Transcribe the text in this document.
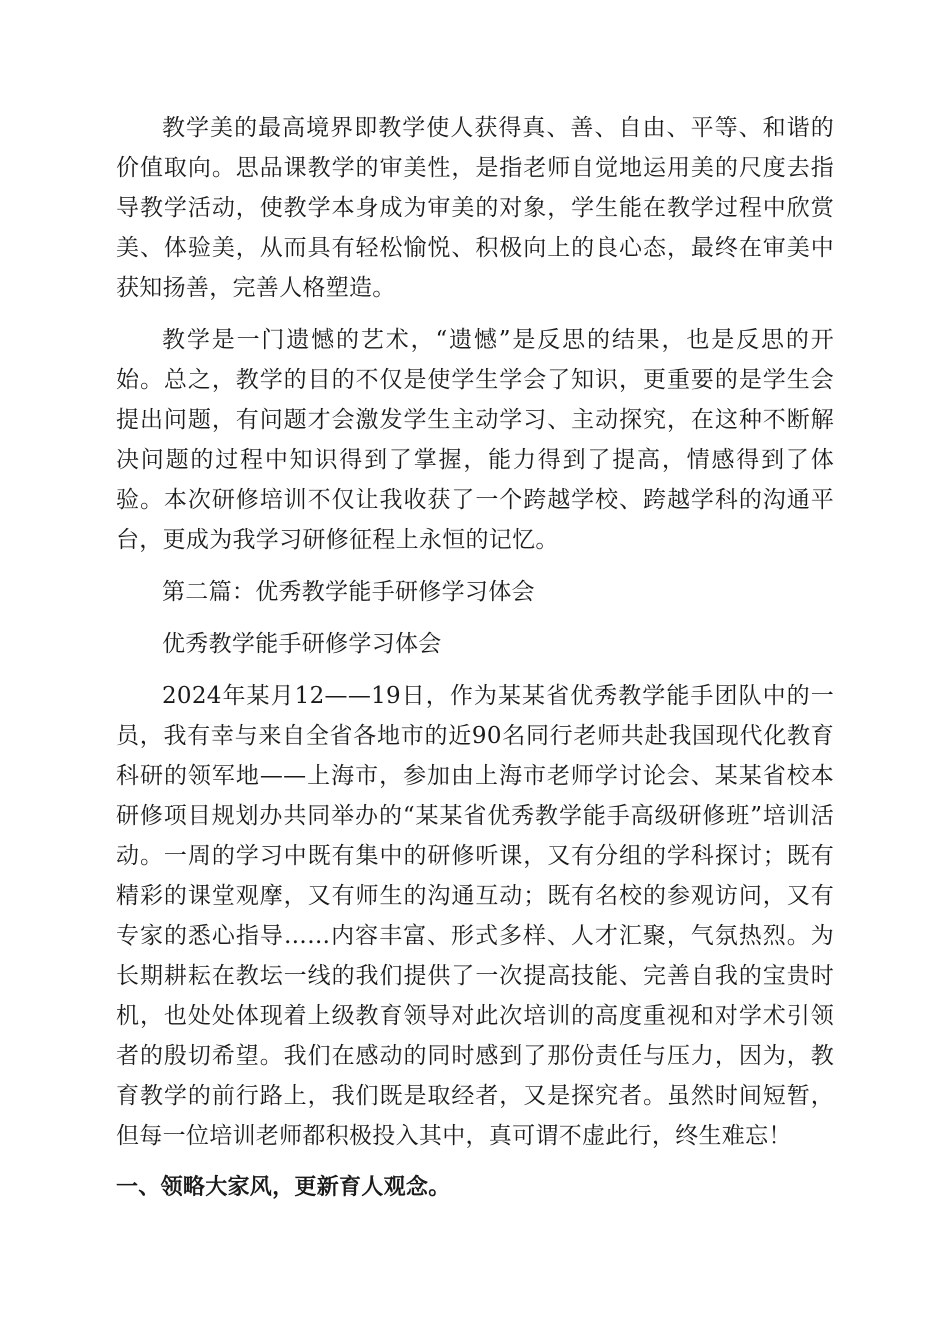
教学美的最高境界即教学使人获得真、善、自由、平等、和谐的价值取向。思品课教学的审美性，是指老师自觉地运用美的尺度去指导教学活动，使教学本身成为审美的对象，学生能在教学过程中欣赏美、体验美，从而具有轻松愉悦、积极向上的良心态，最终在审美中获知扬善，完善人格塑造。

教学是一门遗憾的艺术，“遗憾”是反思的结果，也是反思的开始。总之，教学的目的不仅是使学生学会了知识，更重要的是学生会提出问题，有问题才会激发学生主动学习、主动探究，在这种不断解决问题的过程中知识得到了掌握，能力得到了提高，情感得到了体验。本次研修培训不仅让我收获了一个跨越学校、跨越学科的沟通平台，更成为我学习研修征程上永恒的记忆。

第二篇：优秀教学能手研修学习体会

优秀教学能手研修学习体会

2024年某月12——19日，作为某某省优秀教学能手团队中的一员，我有幸与来自全省各地市的近90名同行老师共赴我国现代化教育科研的领军地——上海市，参加由上海市老师学讨论会、某某省校本研修项目规划办共同举办的“某某省优秀教学能手高级研修班”培训活动。一周的学习中既有集中的研修听课，又有分组的学科探讨；既有精彩的课堂观摩，又有师生的沟通互动；既有名校的参观访问，又有专家的悉心指导……内容丰富、形式多样、人才汇聚，气氛热烈。为长期耕耘在教坛一线的我们提供了一次提高技能、完善自我的宝贵时机，也处处体现着上级教育领导对此次培训的高度重视和对学术引领者的殷切希望。我们在感动的同时感到了那份责任与压力，因为，教育教学的前行路上，我们既是取经者，又是探究者。虽然时间短暂，但每一位培训老师都积极投入其中，真可谓不虚此行，终生难忘！

一、领略大家风，更新育人观念。
